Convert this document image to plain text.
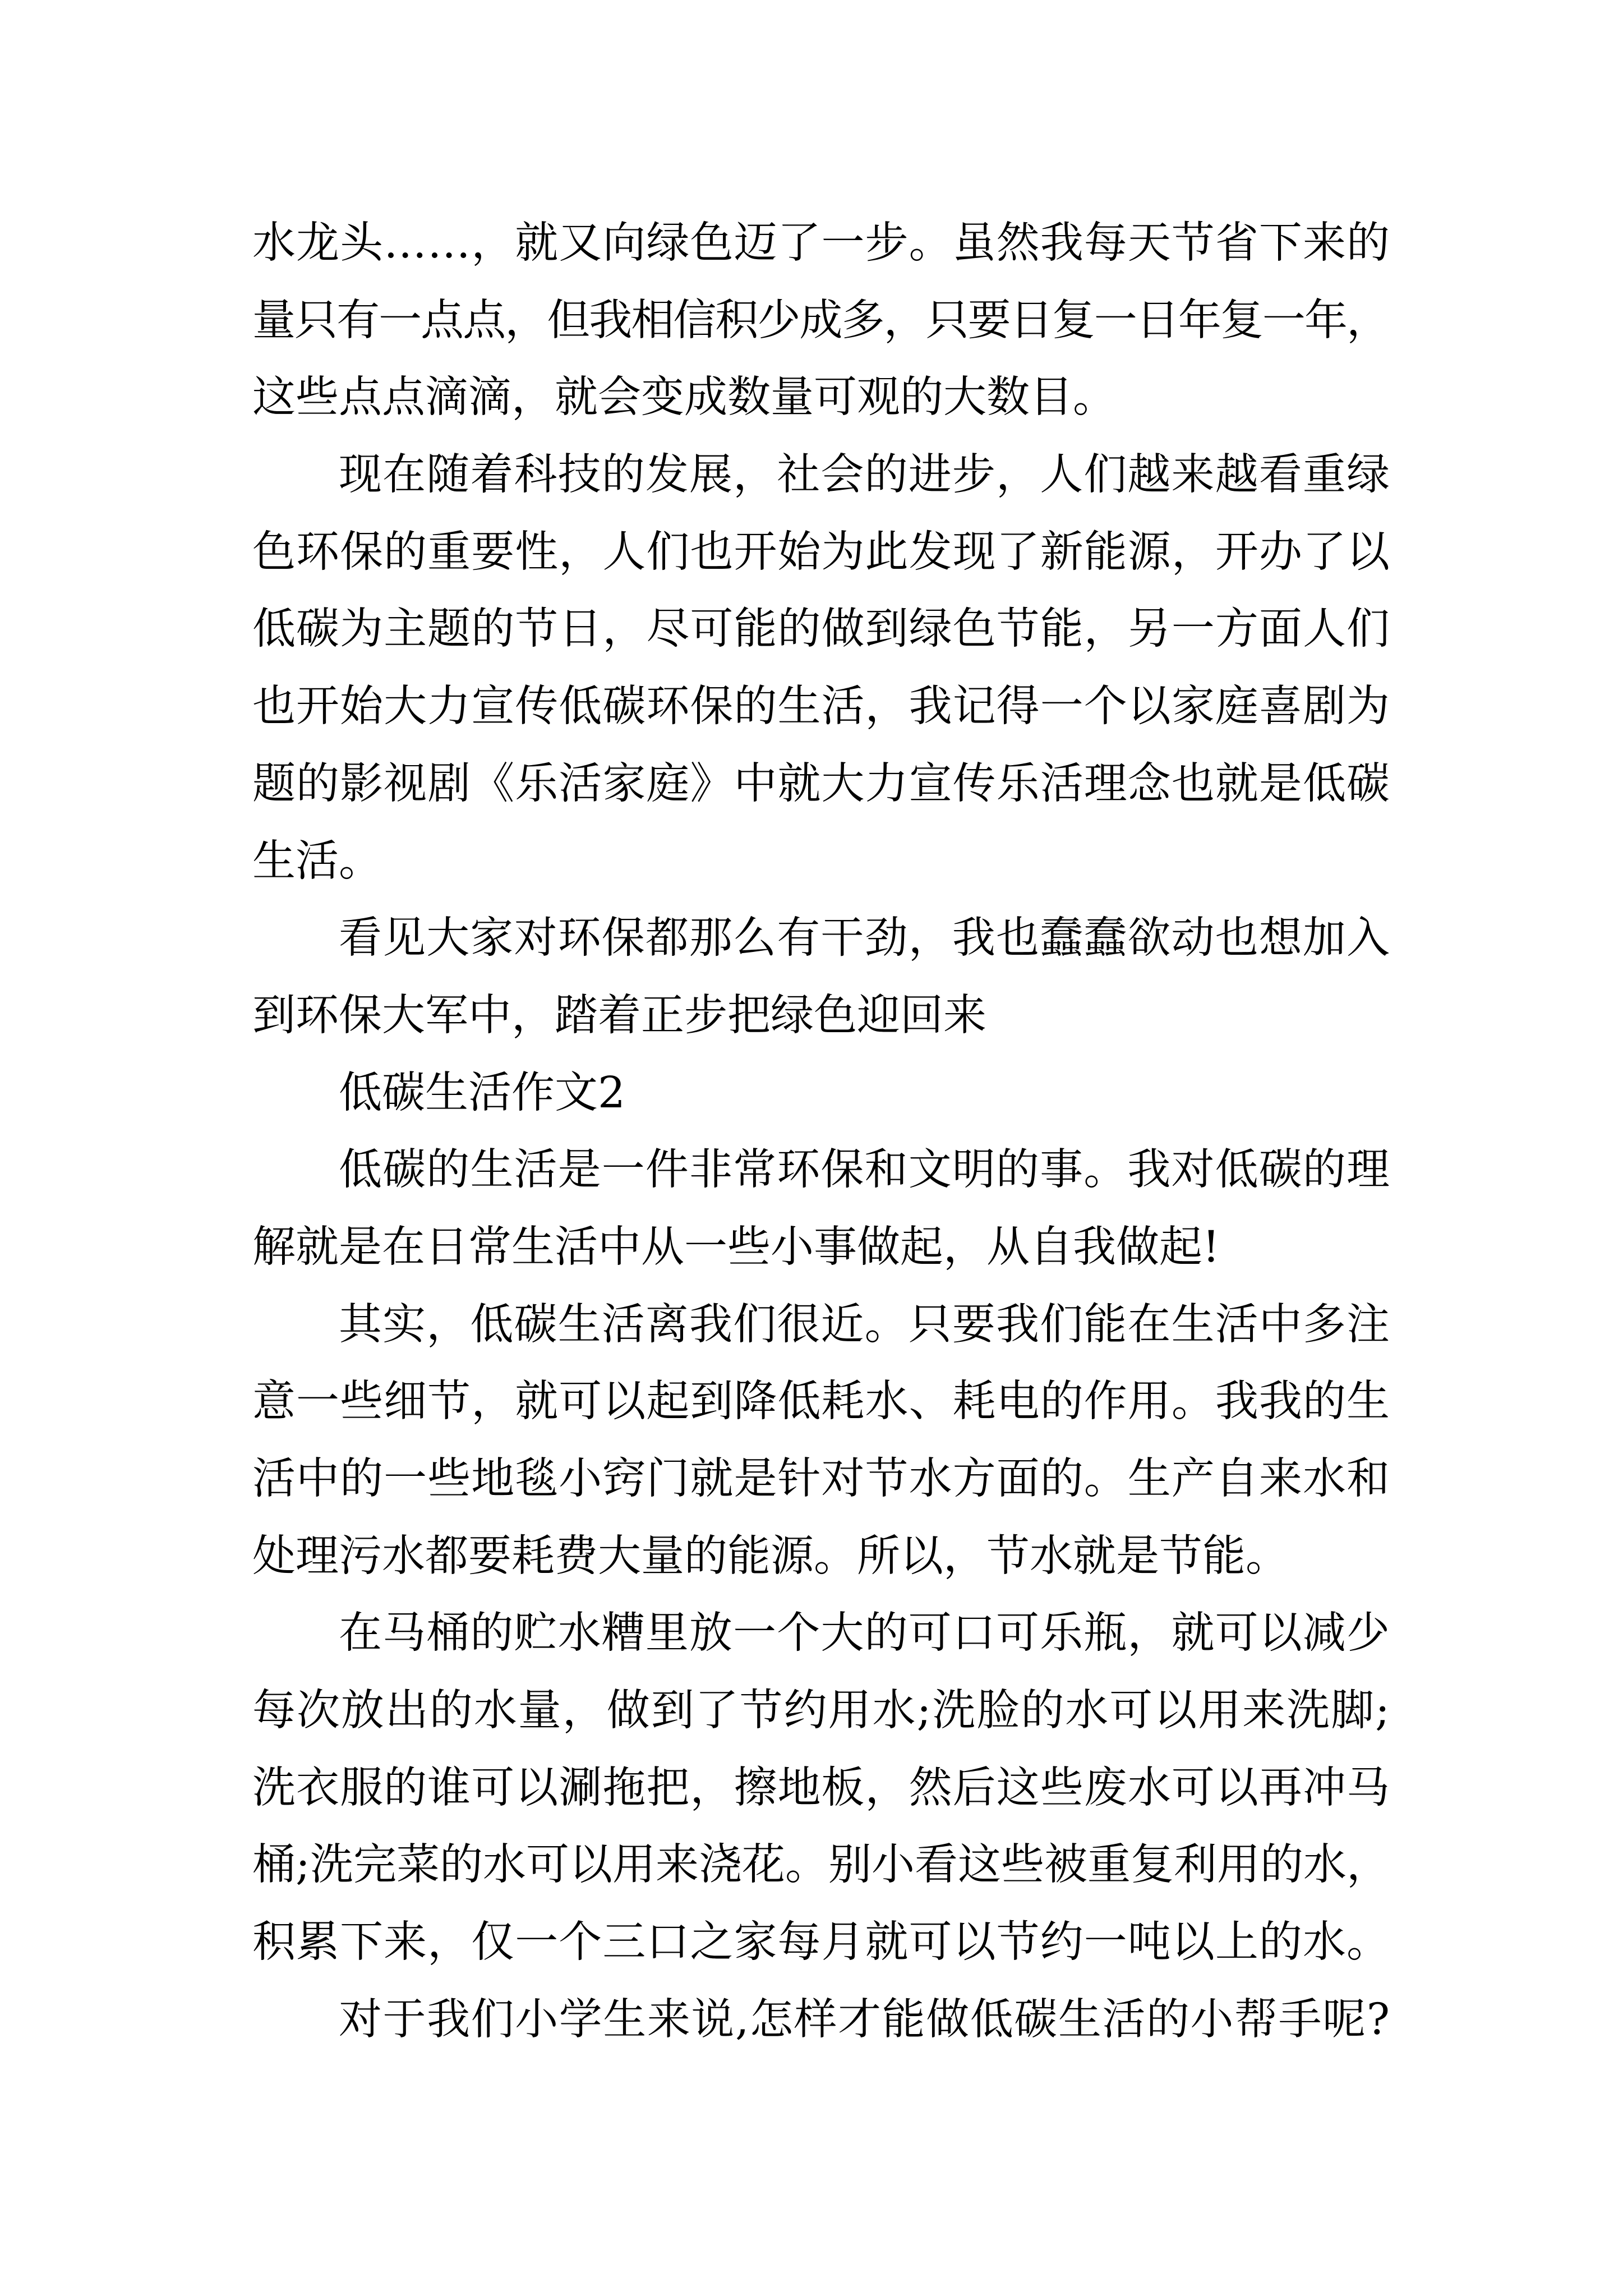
水龙头……，就又向绿色迈了一步。虽然我每天节省下来的
量只有一点点，但我相信积少成多，只要日复一日年复一年，
这些点点滴滴，就会变成数量可观的大数目。
现在随着科技的发展，社会的进步，人们越来越看重绿
色环保的重要性，人们也开始为此发现了新能源，开办了以
低碳为主题的节日，尽可能的做到绿色节能，另一方面人们
也开始大力宣传低碳环保的生活，我记得一个以家庭喜剧为
题的影视剧《乐活家庭》中就大力宣传乐活理念也就是低碳
生活。
看见大家对环保都那么有干劲，我也蠢蠢欲动也想加入
到环保大军中，踏着正步把绿色迎回来
低碳生活作文2
低碳的生活是一件非常环保和文明的事。我对低碳的理
解就是在日常生活中从一些小事做起，从自我做起!
其实，低碳生活离我们很近。只要我们能在生活中多注
意一些细节，就可以起到降低耗水、耗电的作用。我我的生
活中的一些地毯小窍门就是针对节水方面的。生产自来水和
处理污水都要耗费大量的能源。所以，节水就是节能。
在马桶的贮水糟里放一个大的可口可乐瓶，就可以减少
每次放出的水量，做到了节约用水;洗脸的水可以用来洗脚;
洗衣服的谁可以涮拖把，擦地板，然后这些废水可以再冲马
桶;洗完菜的水可以用来浇花。别小看这些被重复利用的水，
积累下来，仅一个三口之家每月就可以节约一吨以上的水。
对于我们小学生来说,怎样才能做低碳生活的小帮手呢?
